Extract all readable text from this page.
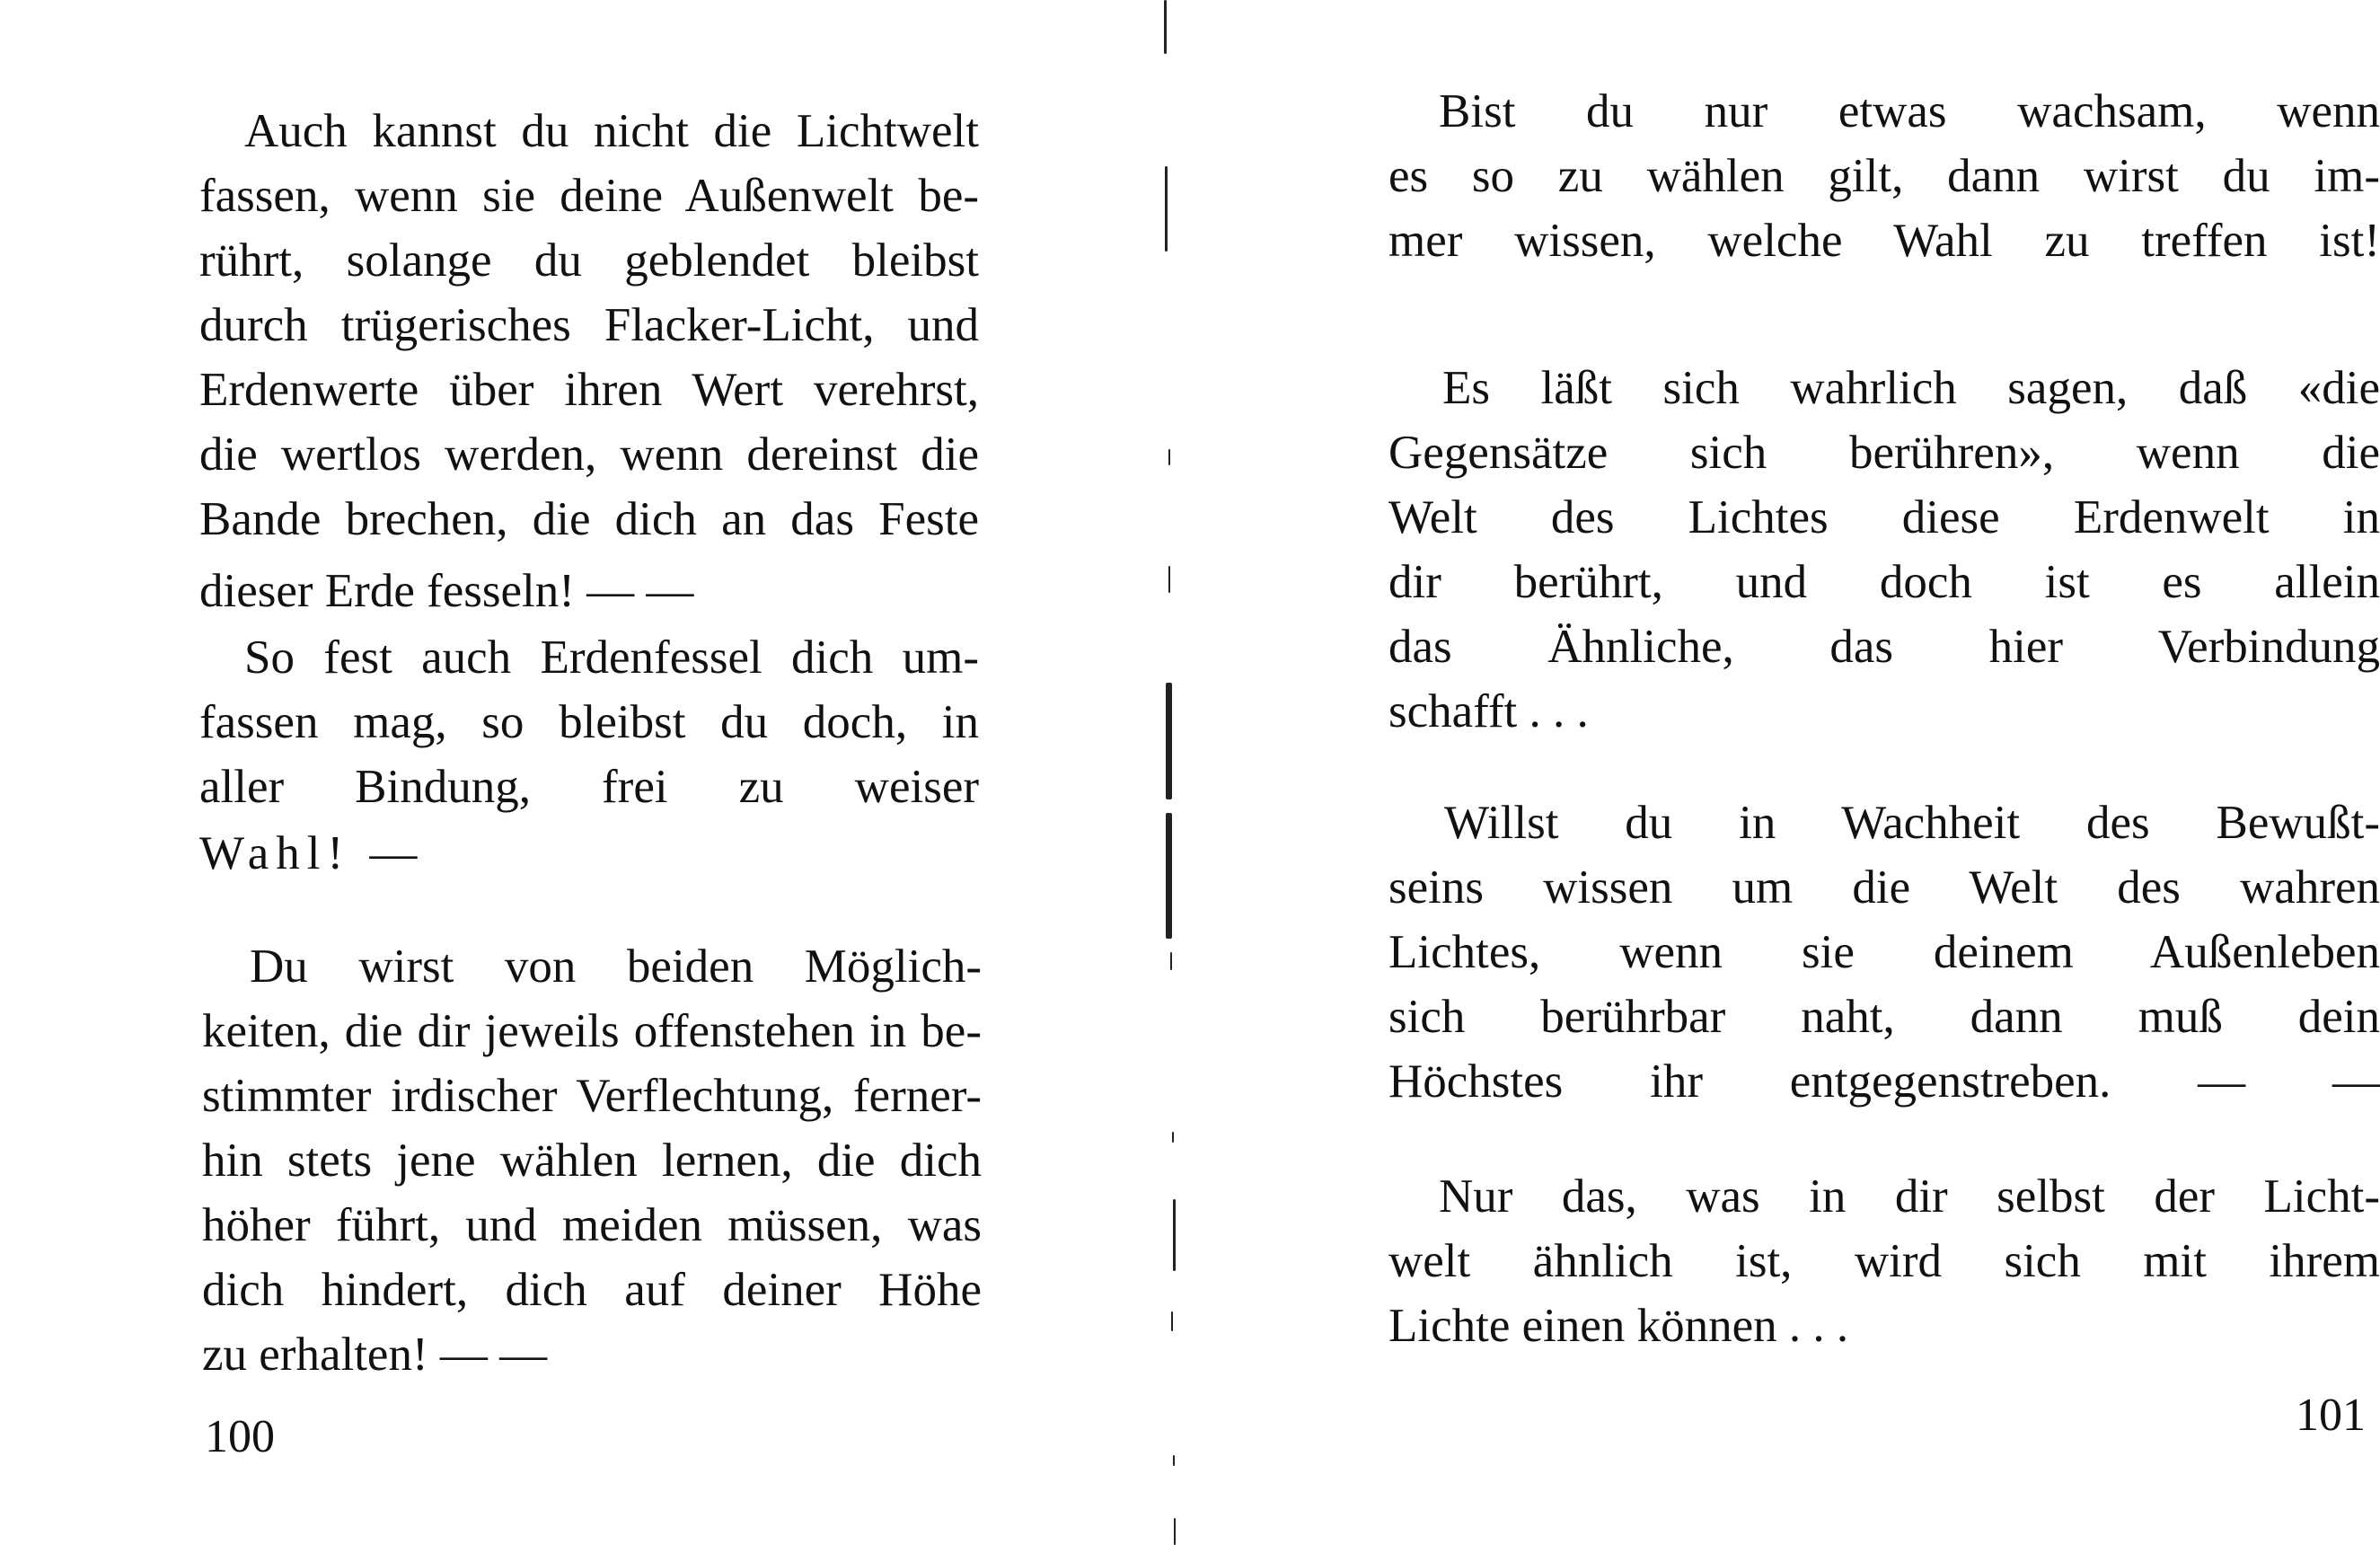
Auch kannst du nicht die Lichtwelt
fassen, wenn sie deine Außenwelt be-
rührt, solange du geblendet bleibst
durch trügerisches Flacker-Licht, und
Erdenwerte über ihren Wert verehrst,
die wertlos werden, wenn dereinst die
Bande brechen, die dich an das Feste
dieser Erde fesseln! — —
So fest auch Erdenfessel dich um-
fassen mag, so bleibst du doch, in
aller Bindung, frei zu weiser
Wahl! —
Du wirst von beiden Möglich-
keiten, die dir jeweils offenstehen in be-
stimmter irdischer Verflechtung, ferner-
hin stets jene wählen lernen, die dich
höher führt, und meiden müssen, was
dich hindert, dich auf deiner Höhe
zu erhalten! — —
100
Bist du nur etwas wachsam, wenn
es so zu wählen gilt, dann wirst du im-
mer wissen, welche Wahl zu treffen ist!
Es läßt sich wahrlich sagen, daß «die
Gegensätze sich berühren», wenn die
Welt des Lichtes diese Erdenwelt in
dir berührt, und doch ist es allein
das Ähnliche, das hier Verbindung
schafft . . .
Willst du in Wachheit des Bewußt-
seins wissen um die Welt des wahren
Lichtes, wenn sie deinem Außenleben
sich berührbar naht, dann muß dein
Höchstes ihr entgegenstreben. — —
Nur das, was in dir selbst der Licht-
welt ähnlich ist, wird sich mit ihrem
Lichte einen können . . .
101
